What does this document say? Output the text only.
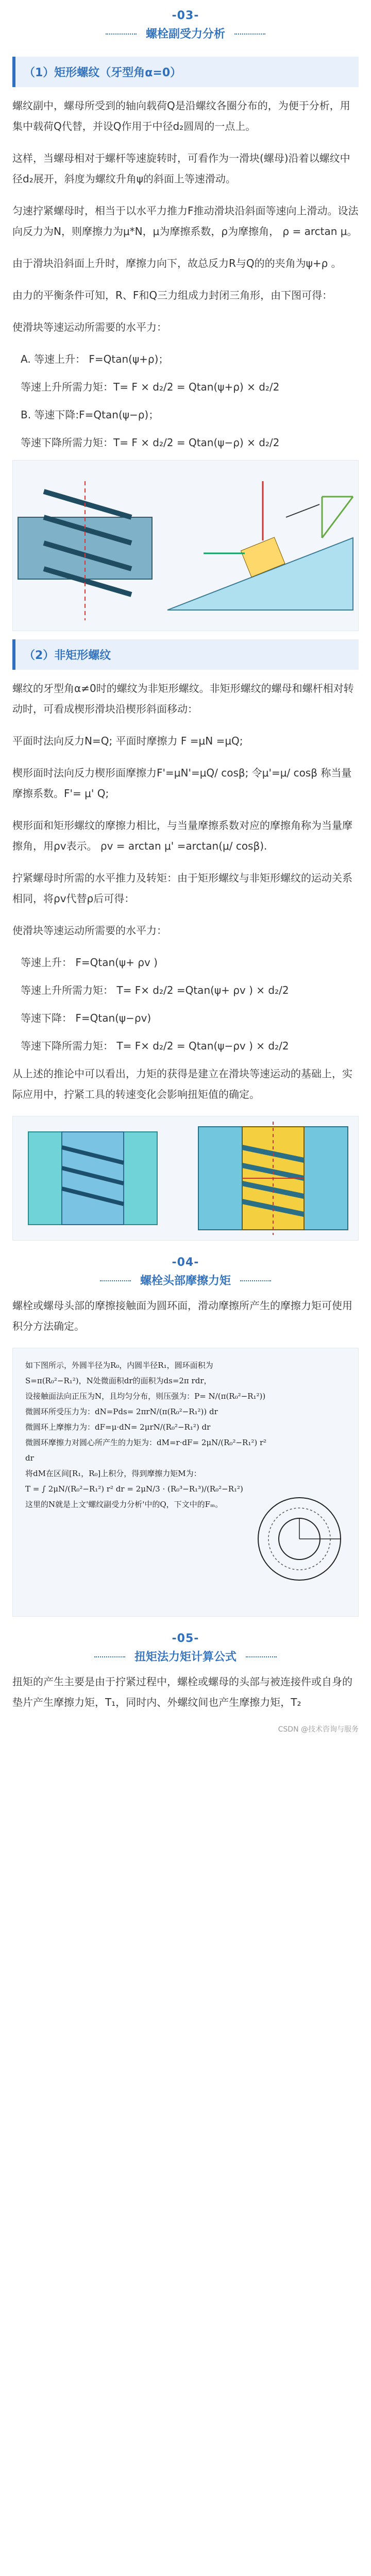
-03-
螺栓副受力分析
（1）矩形螺纹（牙型角α=0）

螺纹副中，螺母所受到的轴向载荷Q是沿螺纹各圈分布的，为便于分析，用集中载荷Q代替，并设Q作用于中径d₂圆周的一点上。

这样，当螺母相对于螺杆等速旋转时，可看作为一滑块(螺母)沿着以螺纹中径d₂展开，斜度为螺纹升角ψ的斜面上等速滑动。

匀速拧紧螺母时，相当于以水平力推力F推动滑块沿斜面等速向上滑动。设法向反力为N，则摩擦力为μ*N，μ为摩擦系数，ρ为摩擦角， ρ = arctan μ。

由于滑块沿斜面上升时，摩擦力向下，故总反力R与Q的的夹角为ψ+ρ 。

由力的平衡条件可知，R、F和Q三力组成力封闭三角形，由下图可得：

使滑块等速运动所需要的水平力：

A. 等速上升： F=Qtan(ψ+ρ)；
等速上升所需力矩：T= F × d₂/2 = Qtan(ψ+ρ) × d₂/2
B. 等速下降:F=Qtan(ψ−ρ)；
等速下降所需力矩：T= F × d₂/2 = Qtan(ψ−ρ) × d₂/2
（2）非矩形螺纹

螺纹的牙型角α≠0时的螺纹为非矩形螺纹。非矩形螺纹的螺母和螺杆相对转动时，可看成楔形滑块沿楔形斜面移动：

平面时法向反力N=Q; 平面时摩擦力 F =μN =μQ;

楔形面时法向反力楔形面摩擦力F'=μN'=μQ/ cosβ; 令μ'=μ/ cosβ 称当量摩擦系数。F'= μ' Q;

楔形面和矩形螺纹的摩擦力相比，与当量摩擦系数对应的摩擦角称为当量摩擦角，用ρv表示。 ρv = arctan μ' =arctan(μ/ cosβ).

拧紧螺母时所需的水平推力及转矩：由于矩形螺纹与非矩形螺纹的运动关系相同，将ρv代替ρ后可得：

使滑块等速运动所需要的水平力：

等速上升： F=Qtan(ψ+ ρv )
等速上升所需力矩： T= F× d₂/2 =Qtan(ψ+ ρv ) × d₂/2
等速下降： F=Qtan(ψ−ρv)
等速下降所需力矩： T= F× d₂/2 = Qtan(ψ−ρv ) × d₂/2

从上述的推论中可以看出，力矩的获得是建立在滑块等速运动的基础上，实际应用中，拧紧工具的转速变化会影响扭矩值的确定。

-04-
螺栓头部摩擦力矩

螺栓或螺母头部的摩擦接触面为圆环面，滑动摩擦所产生的摩擦力矩可使用积分方法确定。

如下图所示，外圆半径为R₀，内圆半径R₁，圆环面积为 S=π(R₀²−R₁²)，N处微面积dr的面积为ds=2π rdr，
设接触面法向正压为N，且均匀分布，则压强为：P= N/(π(R₀²−R₁²))
微圆环所受压力为：dN=Pds= 2πrN/(π(R₀²−R₁²)) dr
微圆环上摩擦力为：dF=μ·dN= 2μrN/(R₀²−R₁²) dr
微圆环摩擦力对圆心所产生的力矩为：dM=r·dF= 2μN/(R₀²−R₁²) r² dr
将dM在区间[R₁，R₀]上积分，得到摩擦力矩M为：
T = ∫ 2μN/(R₀²−R₁²) r² dr = 2μN/3 · (R₀³−R₁³)/(R₀²−R₁²)
这里的N就是上文'螺纹副受力分析'中的Q，下文中的Fₘ。
-05-
扭矩法力矩计算公式
扭矩的产生主要是由于拧紧过程中，螺栓或螺母的头部与被连接件或自身的垫片产生摩擦力矩，T₁，同时内、外螺纹间也产生摩擦力矩，T₂
CSDN @技术咨询与服务
